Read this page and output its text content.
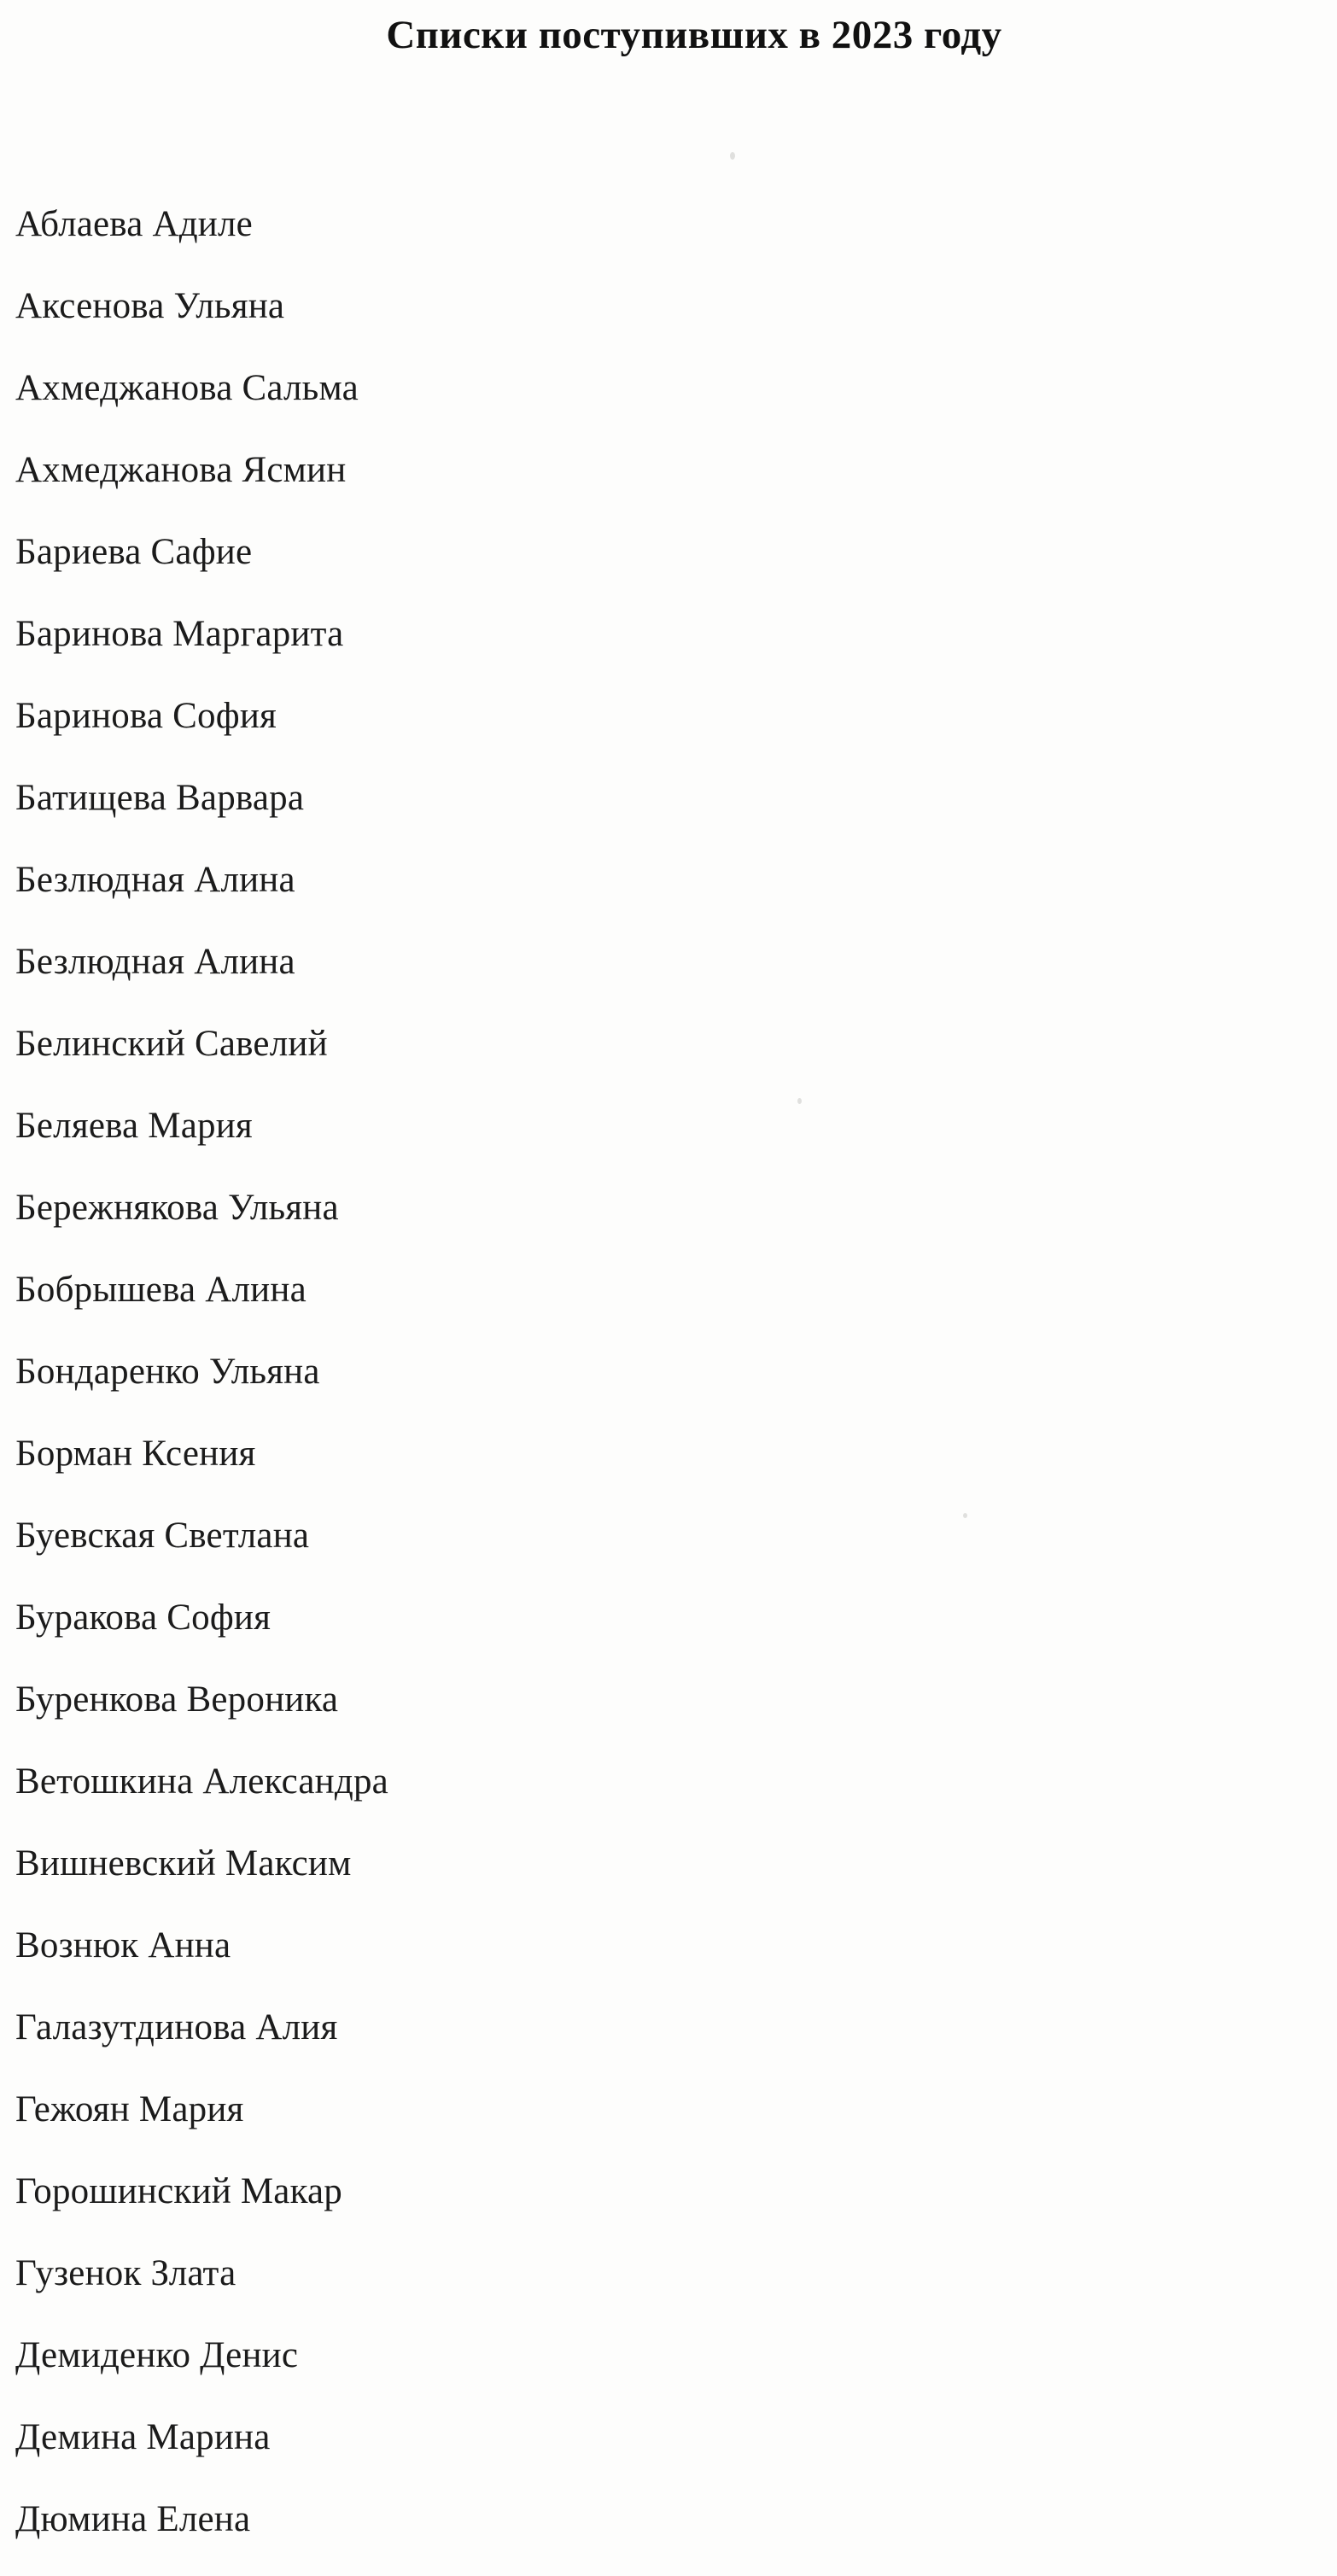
Списки поступивших в 2023 году
Аблаева Адиле
Аксенова Ульяна
Ахмеджанова Сальма
Ахмеджанова Ясмин
Бариева Сафие
Баринова Маргарита
Баринова София
Батищева Варвара
Безлюдная Алина
Безлюдная Алина
Белинский Савелий
Беляева Мария
Бережнякова Ульяна
Бобрышева Алина
Бондаренко Ульяна
Борман Ксения
Буевская Светлана
Буракова София
Буренкова Вероника
Ветошкина Александра
Вишневский Максим
Вознюк Анна
Галазутдинова Алия
Гежоян Мария
Горошинский Макар
Гузенок Злата
Демиденко Денис
Демина Марина
Дюмина Елена
